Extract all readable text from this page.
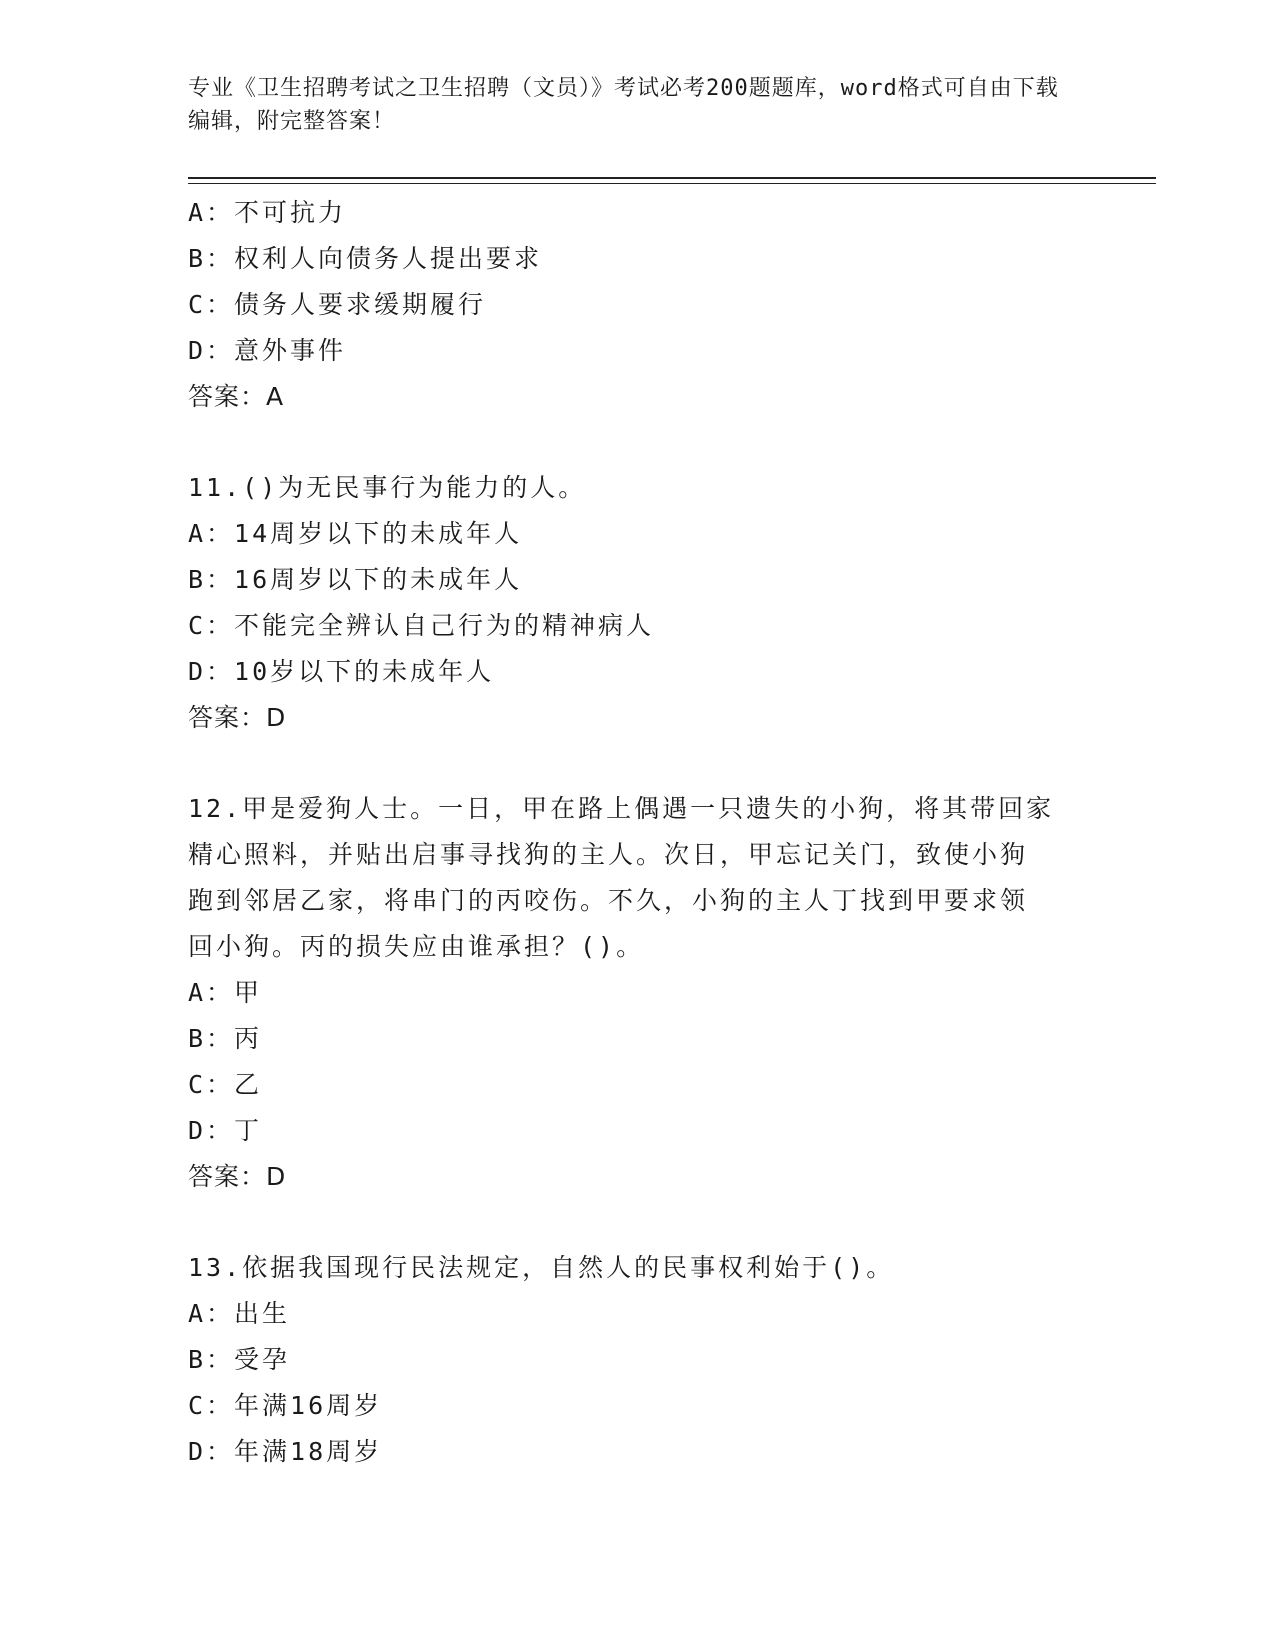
专业《卫生招聘考试之卫生招聘（文员）》考试必考200题题库，word格式可自由下载编辑，附完整答案！
A：不可抗力
B：权利人向债务人提出要求
C：债务人要求缓期履行
D：意外事件
答案：A
11.()为无民事行为能力的人。
A：14周岁以下的未成年人
B：16周岁以下的未成年人
C：不能完全辨认自己行为的精神病人
D：10岁以下的未成年人
答案：D
12.甲是爱狗人士。一日，甲在路上偶遇一只遗失的小狗，将其带回家
精心照料，并贴出启事寻找狗的主人。次日，甲忘记关门，致使小狗
跑到邻居乙家，将串门的丙咬伤。不久，小狗的主人丁找到甲要求领
回小狗。丙的损失应由谁承担？()。
A：甲
B：丙
C：乙
D：丁
答案：D
13.依据我国现行民法规定，自然人的民事权利始于()。
A：出生
B：受孕
C：年满16周岁
D：年满18周岁
